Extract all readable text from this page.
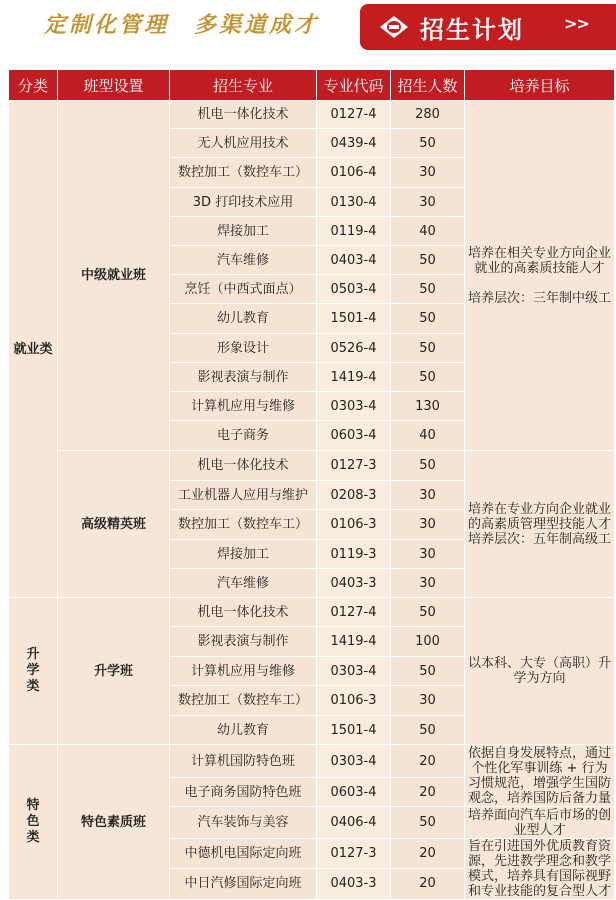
定制化管理　多渠道成才	招生计划	>>
分类	班型设置	招生专业	专业代码	招生人数	培养目标
就业类	中级就业班	机电一体化技术	0127-4	280	培养在相关专业方向企业就业的高素质技能人才

培养层次：三年制中级工
		无人机应用技术	0439-4	50	
		数控加工（数控车工）	0106-4	30	
		3D 打印技术应用	0130-4	30	
		焊接加工	0119-4	40	
		汽车维修	0403-4	50	
		烹饪（中西式面点）	0503-4	50	
		幼儿教育	1501-4	50	
		形象设计	0526-4	50	
		影视表演与制作	1419-4	50	
		计算机应用与维修	0303-4	130	
		电子商务	0603-4	40	
	高级精英班	机电一体化技术	0127-3	50	培养在专业方向企业就业的高素质管理型技能人才
培养层次：五年制高级工
		工业机器人应用与维护	0208-3	30	
		数控加工（数控车工）	0106-3	30	
		焊接加工	0119-3	30	
		汽车维修	0403-3	30	
升学类	升学班	机电一体化技术	0127-4	50	以本科、大专（高职）升学为方向
		影视表演与制作	1419-4	100	
		计算机应用与维修	0303-4	50	
		数控加工（数控车工）	0106-3	30	
		幼儿教育	1501-4	50	
特色类	特色素质班	计算机国防特色班	0303-4	20	依据自身发展特点，通过个性化军事训练 + 行为习惯规范，增强学生国防观念，培养国防后备力量
		电子商务国防特色班	0603-4	20	
		汽车装饰与美容	0406-4	50	培养面向汽车后市场的创业型人才
		中德机电国际定向班	0127-3	20	旨在引进国外优质教育资源，先进教学理念和教学模式，培养具有国际视野和专业技能的复合型人才
		中日汽修国际定向班	0403-3	20	
